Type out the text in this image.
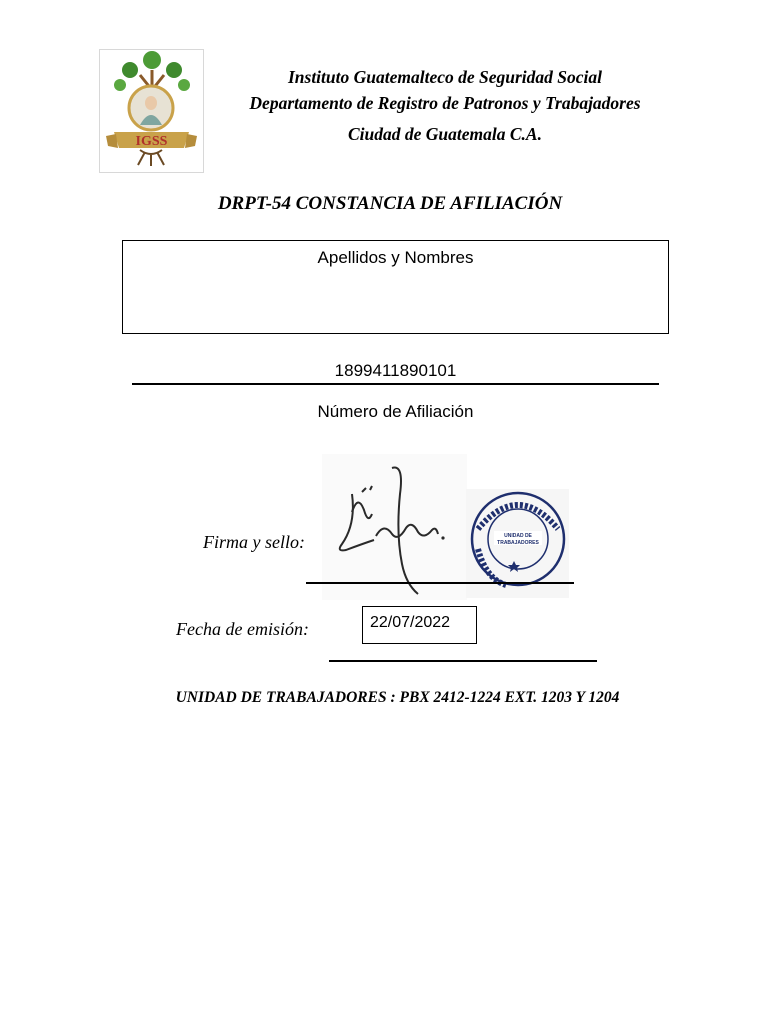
IGSS
Instituto Guatemalteco de Seguridad Social
Departamento de Registro de Patronos y Trabajadores
Ciudad de Guatemala C.A.
DRPT-54 CONSTANCIA DE AFILIACIÓN
Apellidos y Nombres
1899411890101
Número de Afiliación
UNIDAD DE
TRABAJADORES
Firma y sello:
Fecha de emisión:	22/07/2022
UNIDAD DE TRABAJADORES : PBX 2412-1224 EXT. 1203 Y 1204
